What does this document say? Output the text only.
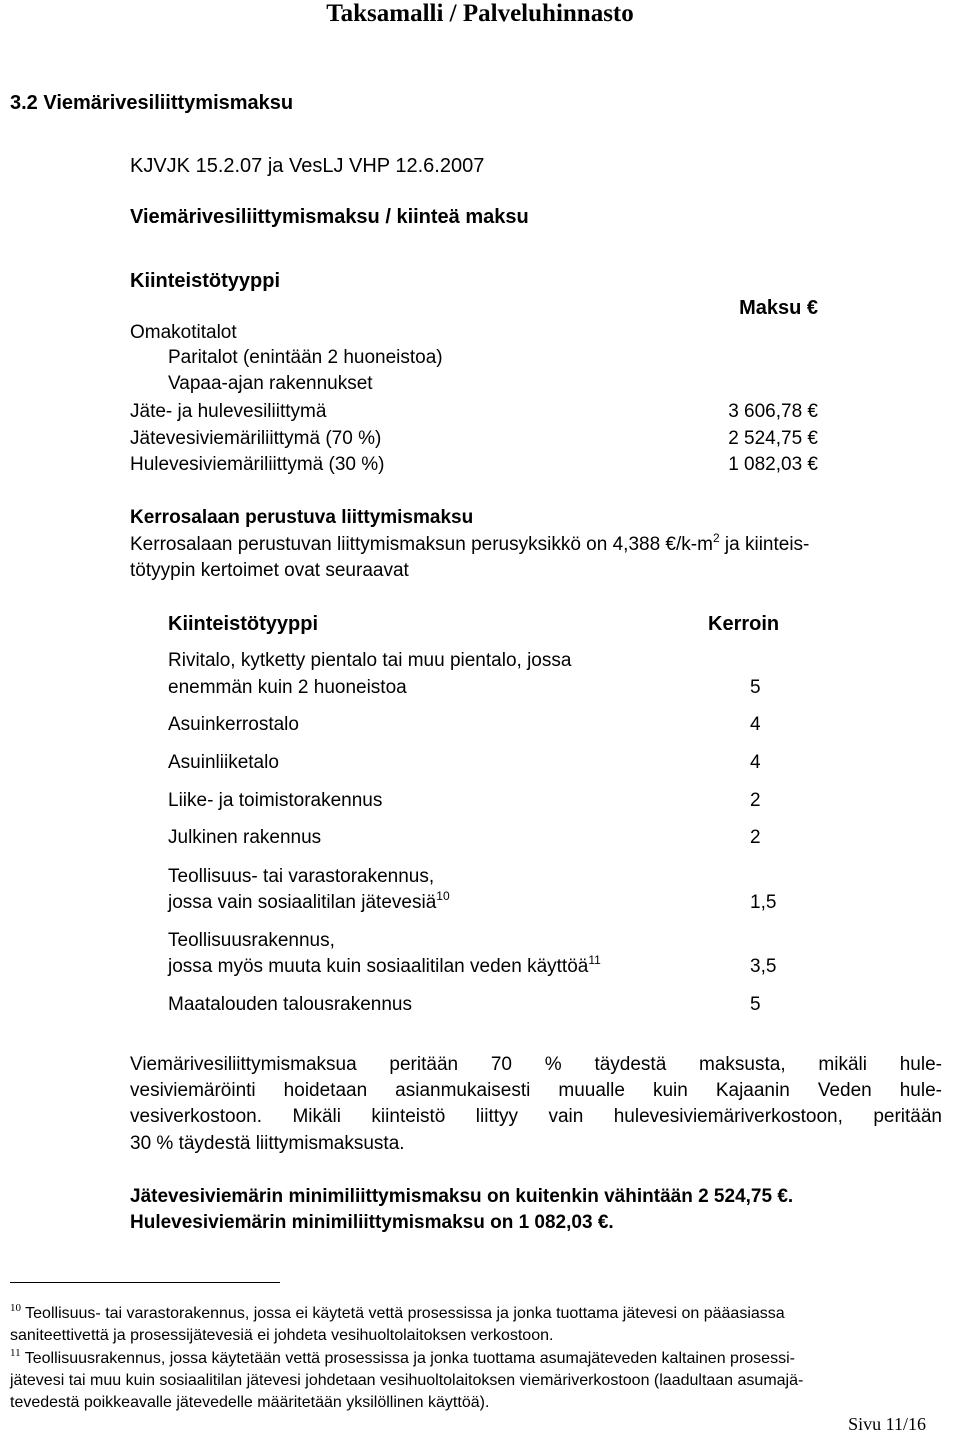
Taksamalli / Palveluhinnasto
3.2 Viemärivesiliittymismaksu
KJVJK 15.2.07 ja VesLJ VHP 12.6.2007
Viemärivesiliittymismaksu / kiinteä maksu
Kiinteistötyyppi
Maksu €
Omakotitalot
Paritalot (enintään 2 huoneistoa)
Vapaa-ajan rakennukset
Jäte- ja hulevesiliittymä	3 606,78 €
Jätevesiviemäriliittymä (70 %)	2 524,75 €
Hulevesiviemäriliittymä (30 %)	1 082,03 €
Kerrosalaan perustuva liittymismaksu
Kerrosalaan perustuvan liittymismaksun perusyksikkö on 4,388 $€/k-m^2$ ja kiinteis-
tötyypin kertoimet ovat seuraavat
Kiinteistötyyppi	Kerroin
Rivitalo, kytketty pientalo tai muu pientalo, jossa
enemmän kuin 2 huoneistoa	5
Asuinkerrostalo	4
Asuinliiketalo	4
Liike- ja toimistorakennus	2
Julkinen rakennus	2
Teollisuus- tai varastorakennus,
jossa vain sosiaalitilan jätevesiä$^{10}$	1,5
Teollisuusrakennus,
jossa myös muuta kuin sosiaalitilan veden käyttöä$^{11}$	3,5
Maatalouden talousrakennus	5
Viemärivesiliittymismaksua peritään 70 % täydestä maksusta, mikäli hule-
vesiviemäröinti hoidetaan asianmukaisesti muualle kuin Kajaanin Veden hule-
vesiverkostoon. Mikäli kiinteistö liittyy vain hulevesiviemäriverkostoon, peritään
30 % täydestä liittymismaksusta.
Jätevesiviemärin minimiliittymismaksu on kuitenkin vähintään 2 524,75 €.
Hulevesiviemärin minimiliittymismaksu on 1 082,03 €.
$^{10}$ Teollisuus- tai varastorakennus, jossa ei käytetä vettä prosessissa ja jonka tuottama jätevesi on pääasiassa
saniteettivettä ja prosessijätevesiä ei johdeta vesihuoltolaitoksen verkostoon.
$^{11}$ Teollisuusrakennus, jossa käytetään vettä prosessissa ja jonka tuottama asumajäteveden kaltainen prosessi-
jätevesi tai muu kuin sosiaalitilan jätevesi johdetaan vesihuoltolaitoksen viemäriverkostoon (laadultaan asumajä-
tevedestä poikkeavalle jätevedelle määritetään yksilöllinen käyttöä).
Sivu 11/16
